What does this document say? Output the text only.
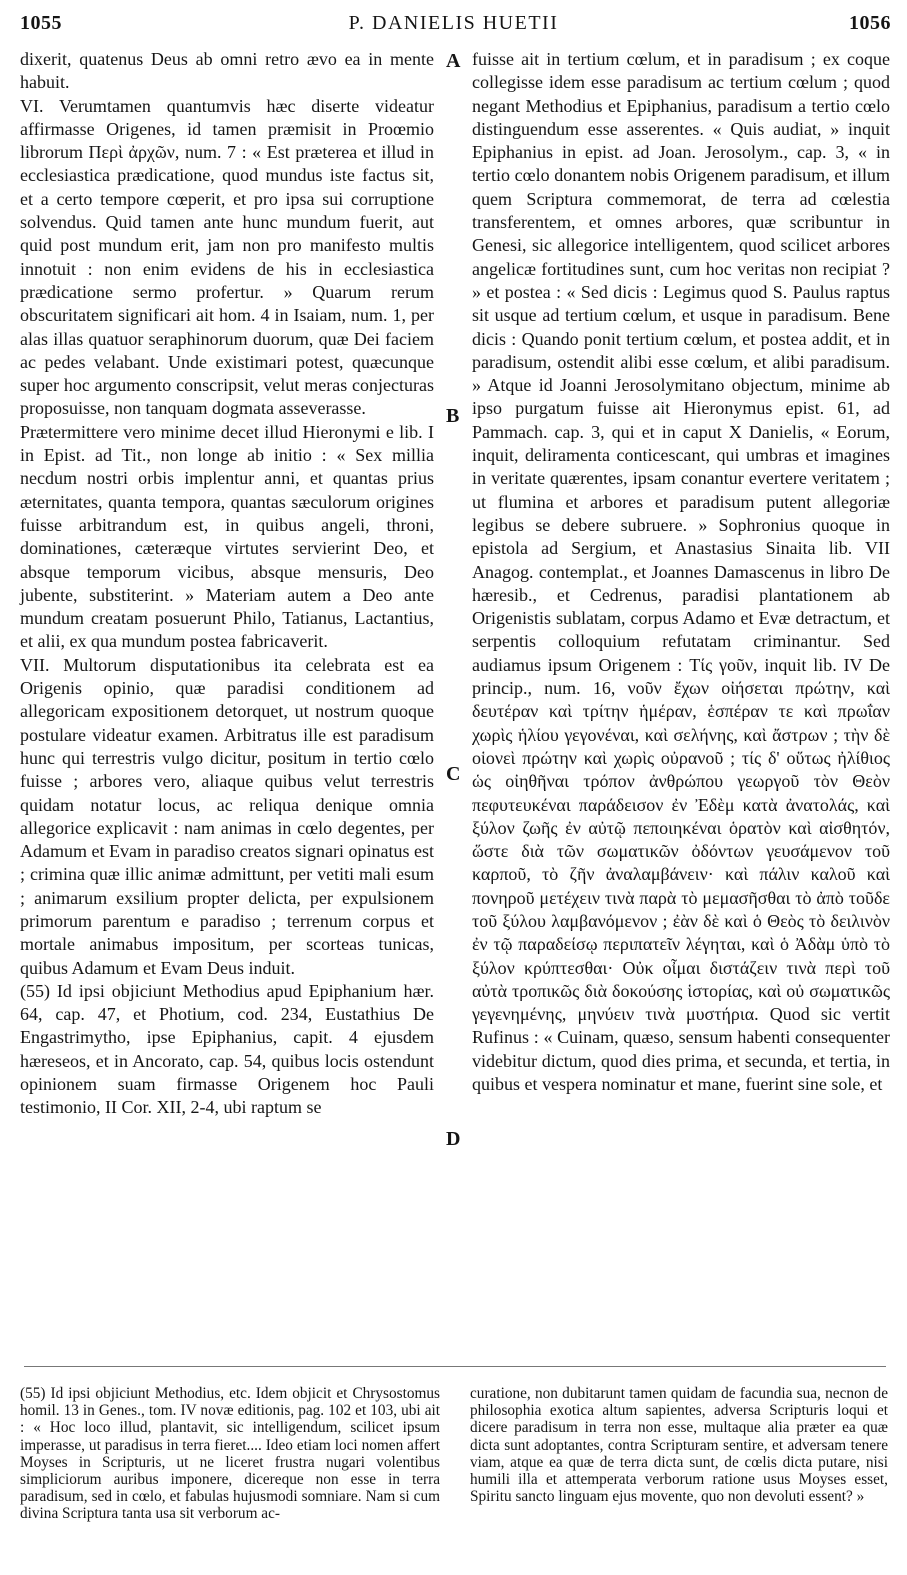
1055	P. DANIELIS HUETII	1056
dixerit, quatenus Deus ab omni retro ævo ea in mente habuit.
VI. Verumtamen quantumvis hæc diserte videatur affirmasse Origenes, id tamen præmisit in Proœmio librorum Περὶ ἀρχῶν, num. 7 : « Est præterea et illud in ecclesiastica prædicatione, quod mundus iste factus sit, et a certo tempore cœperit, et pro ipsa sui corruptione solvendus. Quid tamen ante hunc mundum fuerit, aut quid post mundum erit, jam non pro manifesto multis innotuit : non enim evidens de his in ecclesiastica prædicatione sermo profertur. » Quarum rerum obscuritatem significari ait hom. 4 in Isaiam, num. 1, per alas illas quatuor seraphinorum duorum, quæ Dei faciem ac pedes velabant. Unde existimari potest, quæcunque super hoc argumento conscripsit, velut meras conjecturas proposuisse, non tanquam dogmata asseverasse.
Prætermittere vero minime decet illud Hieronymi e lib. I in Epist. ad Tit., non longe ab initio : « Sex millia necdum nostri orbis implentur anni, et quantas prius æternitates, quanta tempora, quantas sæculorum origines fuisse arbitrandum est, in quibus angeli, throni, dominationes, cæteræque virtutes servierint Deo, et absque temporum vicibus, absque mensuris, Deo jubente, substiterint. » Materiam autem a Deo ante mundum creatam posuerunt Philo, Tatianus, Lactantius, et alii, ex qua mundum postea fabricaverit.
VII. Multorum disputationibus ita celebrata est ea Origenis opinio, quæ paradisi conditionem ad allegoricam expositionem detorquet, ut nostrum quoque postulare videatur examen. Arbitratus ille est paradisum hunc qui terrestris vulgo dicitur, positum in tertio cœlo fuisse ; arbores vero, aliaque quibus velut terrestris quidam notatur locus, ac reliqua denique omnia allegorice explicavit : nam animas in cœlo degentes, per Adamum et Evam in paradiso creatos signari opinatus est ; crimina quæ illic animæ admittunt, per vetiti mali esum ; animarum exsilium propter delicta, per expulsionem primorum parentum e paradiso ; terrenum corpus et mortale animabus impositum, per scorteas tunicas, quibus Adamum et Evam Deus induit.
(55) Id ipsi objiciunt Methodius apud Epiphanium hær. 64, cap. 47, et Photium, cod. 234, Eustathius De Engastrimytho, ipse Epiphanius, capit. 4 ejusdem hæreseos, et in Ancorato, cap. 54, quibus locis ostendunt opinionem suam firmasse Origenem hoc Pauli testimonio, II Cor. XII, 2-4, ubi raptum se
A
B
C
D
fuisse ait in tertium cœlum, et in paradisum ; ex coque collegisse idem esse paradisum ac tertium cœlum ; quod negant Methodius et Epiphanius, paradisum a tertio cœlo distinguendum esse asserentes. « Quis audiat, » inquit Epiphanius in epist. ad Joan. Jerosolym., cap. 3, « in tertio cœlo donantem nobis Origenem paradisum, et illum quem Scriptura commemorat, de terra ad cœlestia transferentem, et omnes arbores, quæ scribuntur in Genesi, sic allegorice intelligentem, quod scilicet arbores angelicæ fortitudines sunt, cum hoc veritas non recipiat ? » et postea : « Sed dicis : Legimus quod S. Paulus raptus sit usque ad tertium cœlum, et usque in paradisum. Bene dicis : Quando ponit tertium cœlum, et postea addit, et in paradisum, ostendit alibi esse cœlum, et alibi paradisum. » Atque id Joanni Jerosolymitano objectum, minime ab ipso purgatum fuisse ait Hieronymus epist. 61, ad Pammach. cap. 3, qui et in caput X Danielis, « Eorum, inquit, deliramenta conticescant, qui umbras et imagines in veritate quærentes, ipsam conantur evertere veritatem ; ut flumina et arbores et paradisum putent allegoriæ legibus se debere subruere. » Sophronius quoque in epistola ad Sergium, et Anastasius Sinaita lib. VII Anagog. contemplat., et Joannes Damascenus in libro De hæresib., et Cedrenus, paradisi plantationem ab Origenistis sublatam, corpus Adamo et Evæ detractum, et serpentis colloquium refutatam criminantur. Sed audiamus ipsum Origenem : Τίς γοῦν, inquit lib. IV De princip., num. 16, νοῦν ἔχων οἰήσεται πρώτην, καὶ δευτέραν καὶ τρίτην ἡμέραν, ἑσπέραν τε καὶ πρωΐαν χωρὶς ἡλίου γεγονέναι, καὶ σελήνης, καὶ ἄστρων ; τὴν δὲ οἱονεὶ πρώτην καὶ χωρὶς οὐρανοῦ ; τίς δ' οὕτως ἠλίθιος ὡς οἰηθῆναι τρόπον ἀνθρώπου γεωργοῦ τὸν Θεὸν πεφυτευκέναι παράδεισον ἐν Ἐδὲμ κατὰ ἀνατολάς, καὶ ξύλον ζωῆς ἐν αὐτῷ πεποιηκέναι ὁρατὸν καὶ αἰσθητόν, ὥστε διὰ τῶν σωματικῶν ὀδόντων γευσάμενον τοῦ καρποῦ, τὸ ζῆν ἀναλαμβάνειν· καὶ πάλιν καλοῦ καὶ πονηροῦ μετέχειν τινὰ παρὰ τὸ μεμασῆσθαι τὸ ἀπὸ τοῦδε τοῦ ξύλου λαμβανόμενον ; ἐὰν δὲ καὶ ὁ Θεὸς τὸ δειλινὸν ἐν τῷ παραδείσῳ περιπατεῖν λέγηται, καὶ ὁ Ἀδὰμ ὑπὸ τὸ ξύλον κρύπτεσθαι· Οὐκ οἶμαι διστάζειν τινὰ περὶ τοῦ αὐτὰ τροπικῶς διὰ δοκούσης ἱστορίας, καὶ οὐ σωματικῶς γεγενημένης, μηνύειν τινὰ μυστήρια. Quod sic vertit Rufinus : « Cuinam, quæso, sensum habenti consequenter videbitur dictum, quod dies prima, et secunda, et tertia, in quibus et vespera nominatur et mane, fuerint sine sole, et
(55) Id ipsi objiciunt Methodius, etc. Idem objicit et Chrysostomus homil. 13 in Genes., tom. IV novæ editionis, pag. 102 et 103, ubi ait : « Hoc loco illud, plantavit, sic intelligendum, scilicet ipsum imperasse, ut paradisus in terra fieret.... Ideo etiam loci nomen affert Moyses in Scripturis, ut ne liceret frustra nugari volentibus simpliciorum auribus imponere, dicereque non esse in terra paradisum, sed in cœlo, et fabulas hujusmodi somniare. Nam si cum divina Scriptura tanta usa sit verborum ac-
curatione, non dubitarunt tamen quidam de facundia sua, necnon de philosophia exotica altum sapientes, adversa Scripturis loqui et dicere paradisum in terra non esse, multaque alia præter ea quæ dicta sunt adoptantes, contra Scripturam sentire, et adversam tenere viam, atque ea quæ de terra dicta sunt, de cœlis dicta putare, nisi humili illa et attemperata verborum ratione usus Moyses esset, Spiritu sancto linguam ejus movente, quo non devoluti essent? »
